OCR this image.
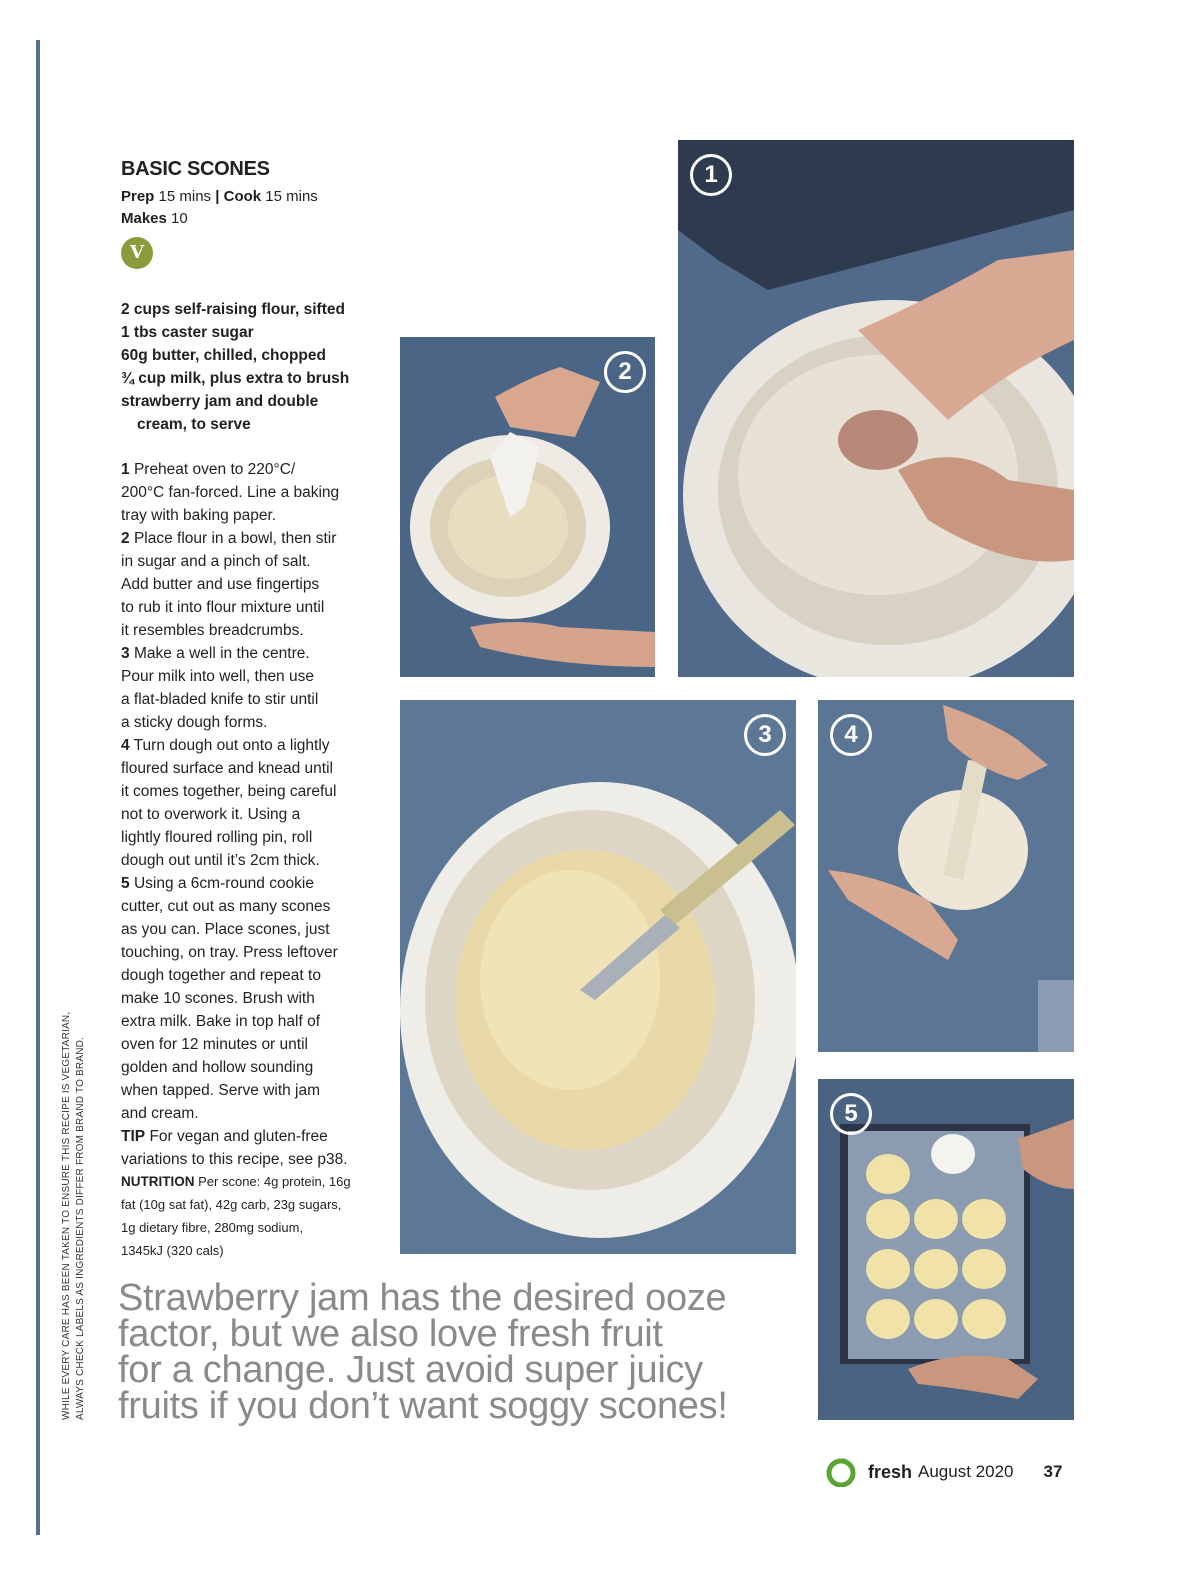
WHILE EVERY CARE HAS BEEN TAKEN TO ENSURE THIS RECIPE IS VEGETARIAN, ALWAYS CHECK LABELS AS INGREDIENTS DIFFER FROM BRAND TO BRAND.
BASIC SCONES
Prep 15 mins | Cook 15 mins
Makes 10
V
2 cups self-raising flour, sifted
1 tbs caster sugar
60g butter, chilled, chopped
¾ cup milk, plus extra to brush
strawberry jam and double
cream, to serve

1 Preheat oven to 220°C/
200°C fan-forced. Line a baking
tray with baking paper.

2 Place flour in a bowl, then stir
in sugar and a pinch of salt.
Add butter and use fingertips
to rub it into flour mixture until
it resembles breadcrumbs.

3 Make a well in the centre.
Pour milk into well, then use
a flat-bladed knife to stir until
a sticky dough forms.

4 Turn dough out onto a lightly
floured surface and knead until
it comes together, being careful
not to overwork it. Using a
lightly floured rolling pin, roll
dough out until it’s 2cm thick.

5 Using a 6cm-round cookie
cutter, cut out as many scones
as you can. Place scones, just
touching, on tray. Press leftover
dough together and repeat to
make 10 scones. Brush with
extra milk. Bake in top half of
oven for 12 minutes or until
golden and hollow sounding
when tapped. Serve with jam
and cream.

TIP For vegan and gluten-free
variations to this recipe, see p38.

NUTRITION Per scone: 4g protein, 16g
fat (10g sat fat), 42g carb, 23g sugars,
1g dietary fibre, 280mg sodium,
1345kJ (320 cals)
Strawberry jam has the desired ooze
factor, but we also love fresh fruit
for a change. Just avoid super juicy
fruits if you don’t want soggy scones!
1
2
3	4
5
fresh August 2020 37
